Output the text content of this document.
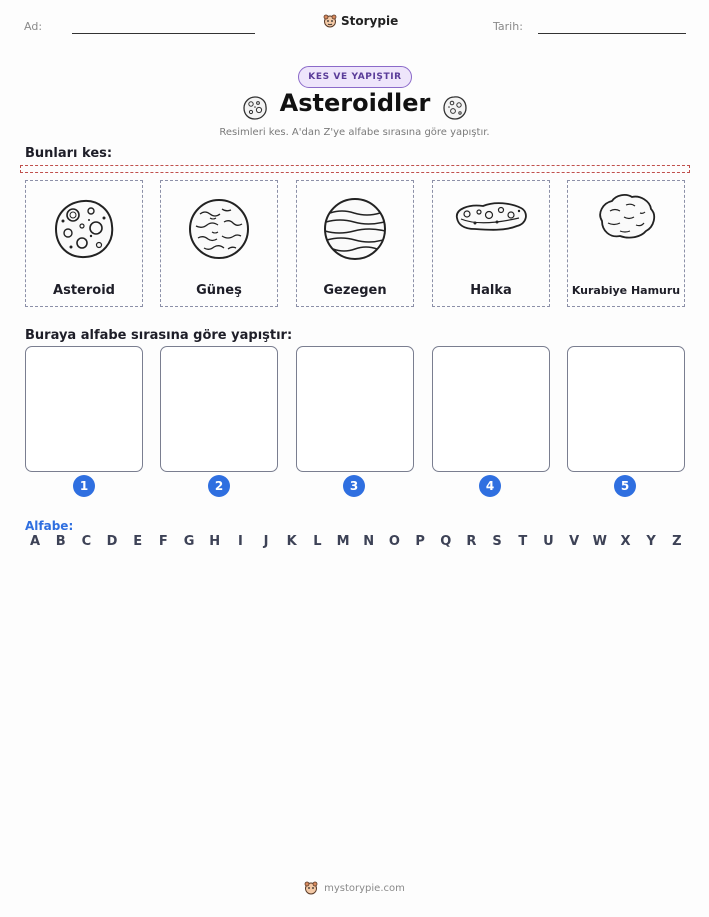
Ad:	Storypie	Tarih:
KES VE YAPIŞTIR
Asteroidler
Resimleri kes. A'dan Z'ye alfabe sırasına göre yapıştır.
Bunları kes:
Asteroid	Güneş	Gezegen	Halka	Kurabiye Hamuru
Buraya alfabe sırasına göre yapıştır:
1	2	3	4	5
Alfabe:
A	B	C	D	E	F	G H	I	J	K	L	M N O	P	Q	R	S	T	U	V	W	X	Y	Z
mystorypie.com
